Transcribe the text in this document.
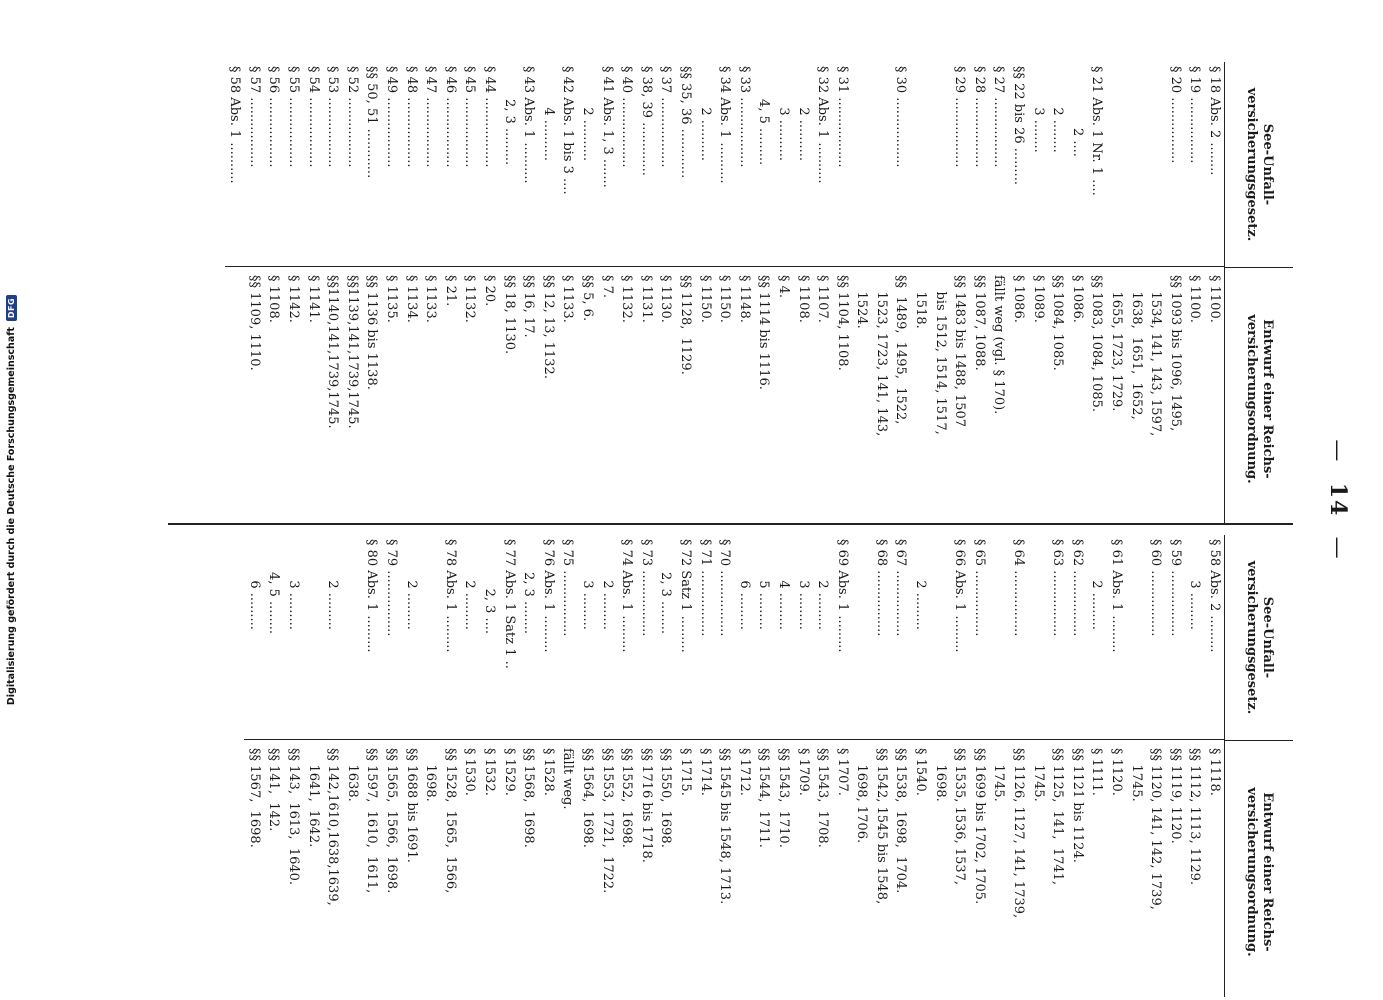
Digitalisierung gefördert durch die Deutsche Forschungsgemeinschaft
DFG
—  14  —
See-Unfall-versicherungsgesetz.
Entwurf einer Reichs-versicherungsordnung.
§ 18 Abs. 2 ........
§ 1100.
§ 19 ................
§ 1100.
§ 20 ................
§§ 1093 bis 1096, 1495,
1534, 141, 143, 1597,
1638,  1651,  1652,
1655, 1723, 1729.
§ 21 Abs. 1 Nr. 1 ....
§§ 1083, 1084, 1085.
2 ....
§ 1086.
2 ........
§§ 1084, 1085.
3 ........
§ 1089.
§§ 22 bis 26 .........
§ 1086.
§ 27 .................
fällt weg (vgl. § 170).
§ 28 .................
§§ 1087, 1088.
§ 29 .................
§§ 1483 bis 1488, 1507
bis 1512, 1514, 1517,
1518.
§ 30 .................
§§  1489,  1495,  1522,
1523, 1723, 141, 143,
1524.
§ 31 .................
§§ 1104, 1108.
§ 32 Abs. 1 ..........
§ 1107.
2 ..........
§ 1108.
3 ..........
§ 4.
4, 5 .........
§§ 1114 bis 1116.
§ 33 .................
§ 1148.
§ 34 Abs. 1 ..........
§ 1150.
2 ..........
§ 1150.
§§ 35, 36 ............
§§ 1128,  1129.
§ 37 .................
§ 1130.
§ 38, 39 .............
§ 1131.
§ 40 .................
§ 1132.
§ 41 Abs. 1, 3 .......
§ 7.
2 ..........
§§ 5, 6.
§ 42 Abs. 1 bis 3 ....
§ 1133.
4 ..........
§§ 12, 13, 1132.
§ 43 Abs. 1 ..........
§§ 16, 17.
2, 3 .........
§§ 18, 1130.
§ 44 .................
§ 20.
§ 45 .................
§ 1132.
§ 46 .................
§ 21.
§ 47 .................
§ 1133.
§ 48 .................
§ 1134.
§ 49 .................
§ 1135.
§§ 50, 51 ............
§§ 1136 bis 1138.
§ 52 .................
§§1139,141,1739,1745.
§ 53 .................
§§1140,141,1739,1745.
§ 54 .................
§ 1141.
§ 55 .................
§ 1142.
§ 56 .................
§ 1108.
§ 57 .................
§§ 1109, 1110.
§ 58 Abs. 1 ..........
See-Unfall-versicherungsgesetz.
Entwurf einer Reichs-versicherungsordnung.
§ 58 Abs. 2 .........
§ 1118.
3 .........
§§ 1112, 1113, 1129.
§ 59 ................
§§ 1119, 1120.
§ 60 ................
§§ 1120, 141, 142, 1739,
1745.
§ 61 Abs. 1 .........
§ 1120.
2 .........
§ 1111.
§ 62 ................
§§ 1121 bis 1124.
§ 63 ................
§§ 1125,  141,  1741,
1745.
§ 64 ................
§§ 1126, 1127, 141, 1739,
1745.
§ 65 ................
§§ 1699 bis 1702, 1705.
§ 66 Abs. 1 .........
§§ 1535, 1536, 1537,
1698.
2 .........
§ 1540.
§ 67 ................
§§ 1538,  1698,  1704.
§ 68 ................
§§ 1542, 1545 bis 1548,
1698, 1706.
§ 69 Abs. 1 .........
§ 1707.
2 .........
§§ 1543,  1708.
3 .........
§ 1709.
4 .........
§§ 1543,  1710.
5 .........
§§ 1544,  1711.
6 .........
§ 1712.
§ 70 ................
§§ 1545 bis 1548, 1713.
§ 71 ................
§ 1714.
§ 72 Satz 1 .........
§ 1715.
2, 3 ........
§§ 1550,  1698.
§ 73 ................
§§ 1716 bis 1718.
§ 74 Abs. 1 .........
§§ 1552,  1698.
2 .........
§§ 1553,  1721,  1722.
3 .........
§§ 1564,  1698.
§ 75 ................
fällt weg.
§ 76 Abs. 1 .........
§ 1528.
2, 3 ........
§§ 1568,  1698.
§ 77 Abs. 1 Satz 1 ..
§ 1529.
2, 3 ....
§ 1532.
2 .........
§ 1530.
§ 78 Abs. 1 .........
§§ 1528,  1565,  1566,
1698.
2 .........
§§ 1688 bis 1691.
§ 79 ................
§§ 1565,  1566,  1698.
§ 80 Abs. 1 .........
§§ 1597,  1610,  1611,
1638.
2 .........
§§ 142,1610,1638,1639,
1641,  1642.
3 .........
§§ 143,  1613,  1640.
4, 5 ........
§§ 141,  142.
6 .........
§§ 1567,  1698.
